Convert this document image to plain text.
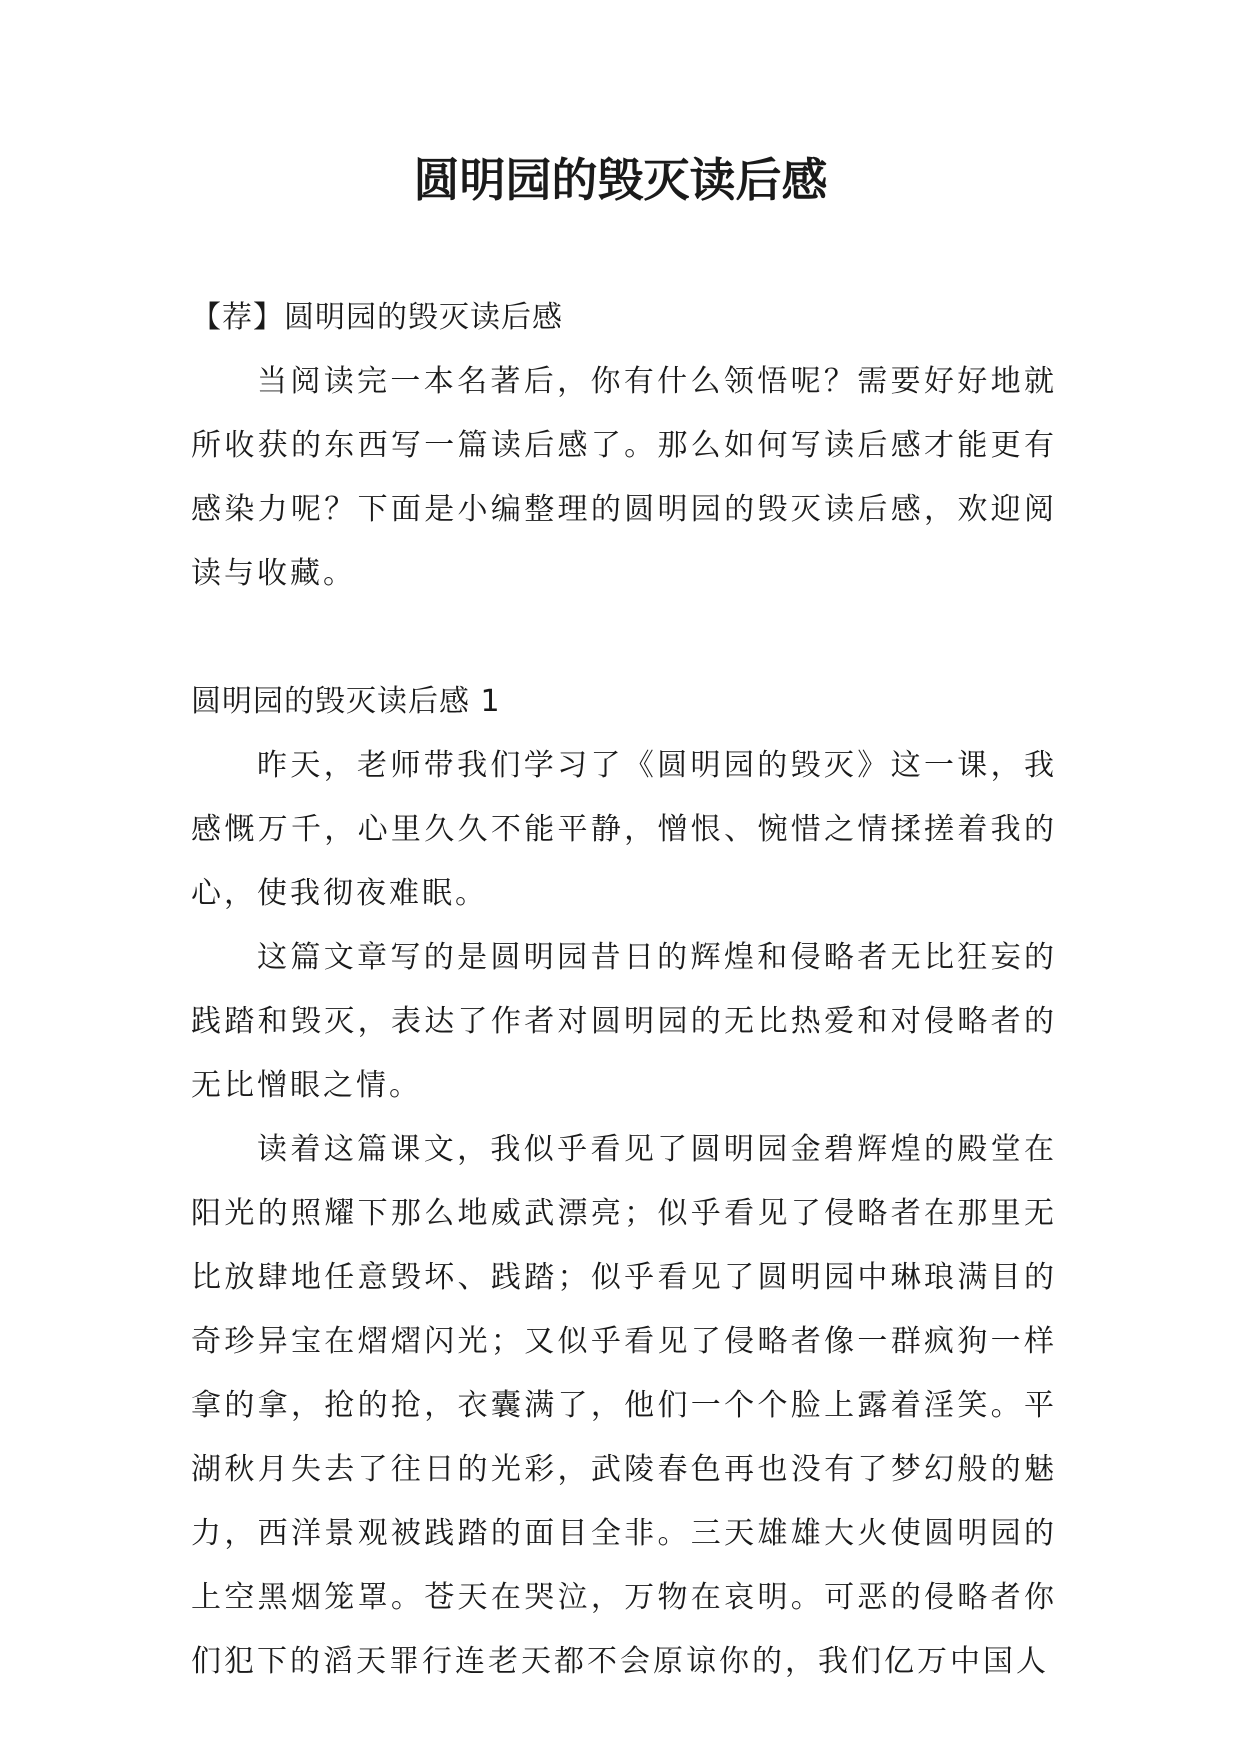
圆明园的毁灭读后感

【荐】圆明园的毁灭读后感

当阅读完一本名著后，你有什么领悟呢？需要好好地就所收获的东西写一篇读后感了。那么如何写读后感才能更有感染力呢？下面是小编整理的圆明园的毁灭读后感，欢迎阅读与收藏。

圆明园的毁灭读后感 1

昨天，老师带我们学习了《圆明园的毁灭》这一课，我感慨万千，心里久久不能平静，憎恨、惋惜之情揉搓着我的心，使我彻夜难眠。

这篇文章写的是圆明园昔日的辉煌和侵略者无比狂妄的践踏和毁灭，表达了作者对圆明园的无比热爱和对侵略者的无比憎眼之情。

读着这篇课文，我似乎看见了圆明园金碧辉煌的殿堂在阳光的照耀下那么地威武漂亮；似乎看见了侵略者在那里无比放肆地任意毁坏、践踏；似乎看见了圆明园中琳琅满目的奇珍异宝在熠熠闪光；又似乎看见了侵略者像一群疯狗一样拿的拿，抢的抢，衣囊满了，他们一个个脸上露着淫笑。平湖秋月失去了往日的光彩，武陵春色再也没有了梦幻般的魅力，西洋景观被践踏的面目全非。三天雄雄大火使圆明园的上空黑烟笼罩。苍天在哭泣，万物在哀明。可恶的侵略者你们犯下的滔天罪行连老天都不会原谅你的，我们亿万中国人
